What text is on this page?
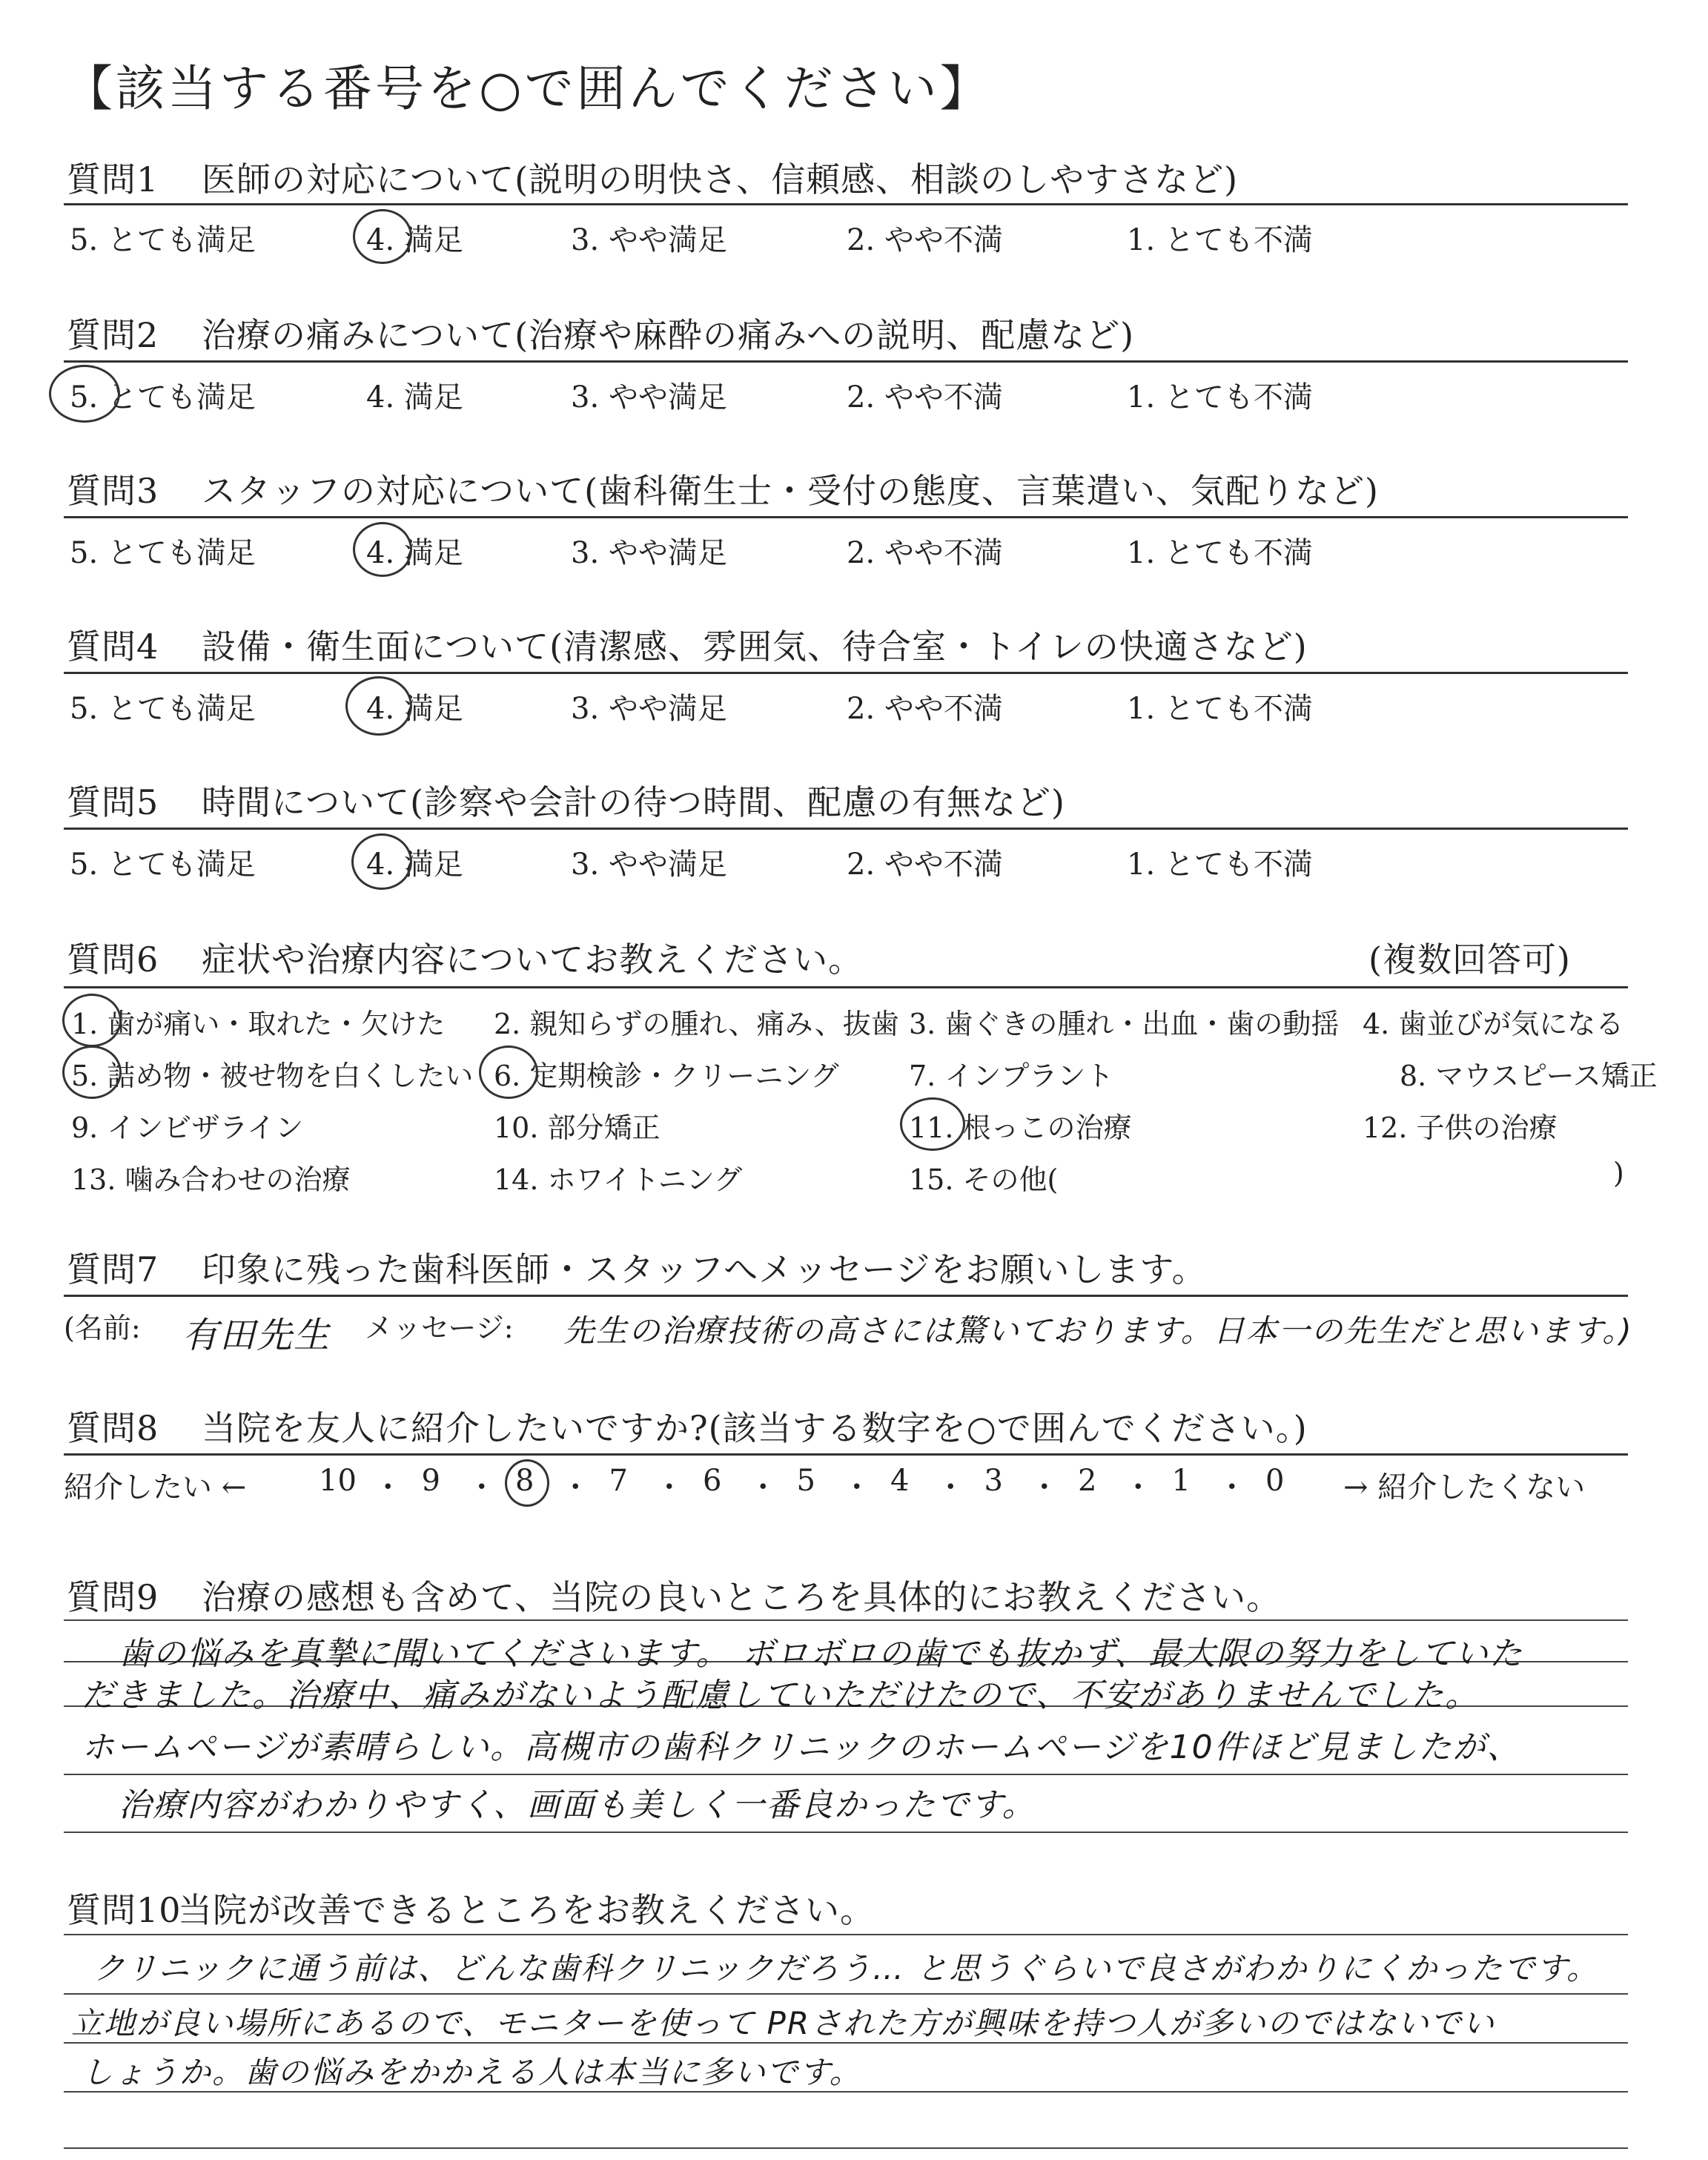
【該当する番号を○で囲んでください】
質問1 医師の対応について(説明の明快さ、信頼感、相談のしやすさなど)
5. とても満足	4. 満足	3. やや満足	2. やや不満	1. とても不満
質問2 治療の痛みについて(治療や麻酔の痛みへの説明、配慮など)
5. とても満足	4. 満足	3. やや満足	2. やや不満	1. とても不満
質問3 スタッフの対応について(歯科衛生士・受付の態度、言葉遣い、気配りなど)
5. とても満足	4. 満足	3. やや満足	2. やや不満	1. とても不満
質問4 設備・衛生面について(清潔感、雰囲気、待合室・トイレの快適さなど)
5. とても満足	4. 満足	3. やや満足	2. やや不満	1. とても不満
質問5 時間について(診察や会計の待つ時間、配慮の有無など)
5. とても満足	4. 満足	3. やや満足	2. やや不満	1. とても不満
質問6 症状や治療内容についてお教えください。	(複数回答可)
1. 歯が痛い・取れた・欠けた 2. 親知らずの腫れ、痛み、抜歯 3. 歯ぐきの腫れ・出血・歯の動揺 4. 歯並びが気になる
5. 詰め物・被せ物を白くしたい 6. 定期検診・クリーニング 7. インプラント	8. マウスピース矯正
9. インビザライン	10. 部分矯正	11. 根っこの治療	12. 子供の治療
13. 噛み合わせの治療	14. ホワイトニング	15. その他(	)
質問7 印象に残った歯科医師・スタッフへメッセージをお願いします。
(名前: 有田先生 メッセージ: 先生の治療技術の高さには驚いております。日本一の先生だと思います。)
質問8 当院を友人に紹介したいですか?(該当する数字を○で囲んでください。)
紹介したい ←	→ 紹介したくない
10 ・ 9 ・ 8 ・ 7 ・ 6 ・ 5 ・ 4 ・ 3 ・ 2 ・ 1 ・ 0
質問9 治療の感想も含めて、当院の良いところを具体的にお教えください。
歯の悩みを真摯に聞いてくださいます。 ボロボロの歯でも抜かず、最大限の努力をしていた
だきました。治療中、痛みがないよう配慮していただけたので、不安がありませんでした。
ホームページが素晴らしい。高槻市の歯科クリニックのホームページを10件ほど見ましたが、
治療内容がわかりやすく、画面も美しく一番良かったです。
質問10
当院が改善できるところをお教えください。
クリニックに通う前は、どんな歯科クリニックだろう… と思うぐらいで良さがわかりにくかったです。
立地が良い場所にあるので、モニターを使って PRされた方が興味を持つ人が多いのではないでい
しょうか。歯の悩みをかかえる人は本当に多いです。
